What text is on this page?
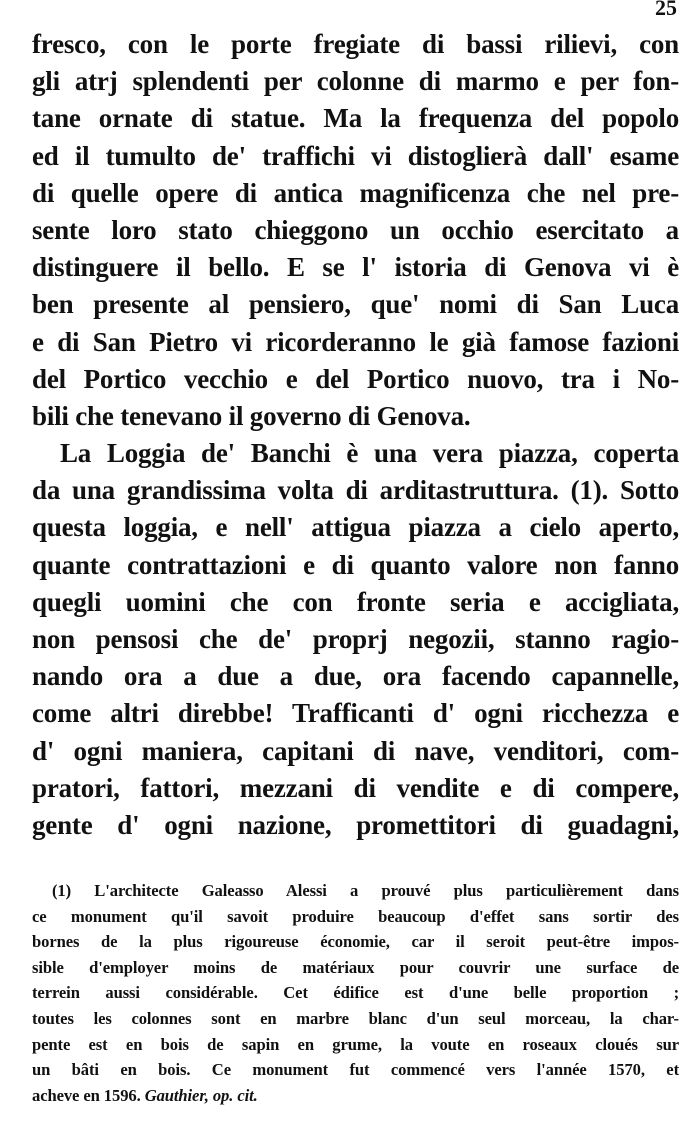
25
fresco, con le porte fregiate di bassi rilievi, con
gli atrj splendenti per colonne di marmo e per fon-
tane ornate di statue. Ma la frequenza del popolo
ed il tumulto de' traffichi vi distoglierà dall' esame
di quelle opere di antica magnificenza che nel pre-
sente loro stato chieggono un occhio esercitato a
distinguere il bello. E se l' istoria di Genova vi è
ben presente al pensiero, que' nomi di San Luca
e di San Pietro vi ricorderanno le già famose fazioni
del Portico vecchio e del Portico nuovo, tra i No-
bili che tenevano il governo di Genova.
La Loggia de' Banchi è una vera piazza, coperta
da una grandissima volta di arditastruttura. (1). Sotto
questa loggia, e nell' attigua piazza a cielo aperto,
quante contrattazioni e di quanto valore non fanno
quegli uomini che con fronte seria e accigliata,
non pensosi che de' proprj negozii, stanno ragio-
nando ora a due a due, ora facendo capannelle,
come altri direbbe! Trafficanti d' ogni ricchezza e
d' ogni maniera, capitani di nave, venditori, com-
pratori, fattori, mezzani di vendite e di compere,
gente d' ogni nazione, promettitori di guadagni,
(1) L'architecte Galeasso Alessi a prouvé plus particulièrement dans
ce monument qu'il savoit produire beaucoup d'effet sans sortir des
bornes de la plus rigoureuse économie, car il seroit peut-être impos-
sible d'employer moins de matériaux pour couvrir une surface de
terrein aussi considérable. Cet édifice est d'une belle proportion ;
toutes les colonnes sont en marbre blanc d'un seul morceau, la char-
pente est en bois de sapin en grume, la voute en roseaux cloués sur
un bâti en bois. Ce monument fut commencé vers l'année 1570, et
acheve en 1596. Gauthier, op. cit.
